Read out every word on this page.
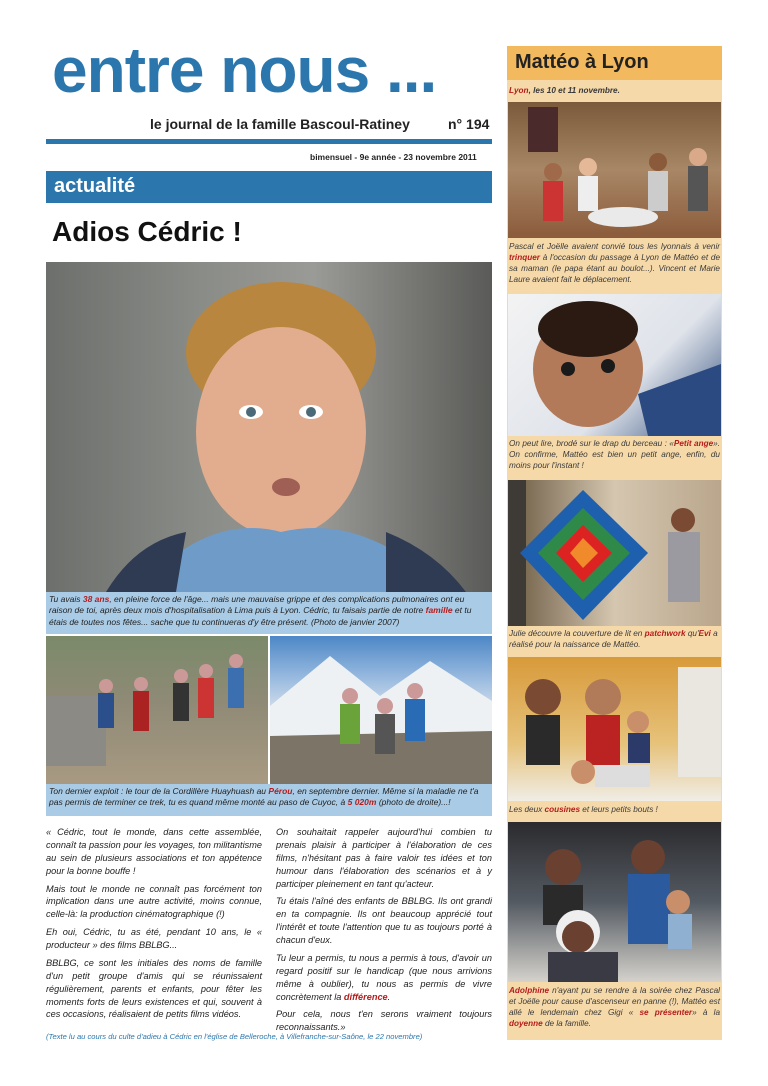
entre nous ...
le journal de la famille Bascoul-Ratiney	n° 194
bimensuel - 9e année - 23 novembre 2011
actualité
Adios Cédric !
Tu avais 38 ans, en pleine force de l'âge... mais une mauvaise grippe et des complications pulmonaires ont eu raison de toi, après deux mois d'hospitalisation à Lima puis à Lyon. Cédric, tu faisais partie de notre famille et tu étais de toutes nos fêtes... sache que tu continueras d'y être présent. (Photo de janvier 2007)
Ton dernier exploit : le tour de la Cordillère Huayhuash au Pérou, en septembre dernier. Même si la maladie ne t'a pas permis de terminer ce trek, tu es quand même monté au paso de Cuyoc, à 5 020m (photo de droite)...!

« Cédric, tout le monde, dans cette assemblée, connaît ta passion pour les voyages, ton militantisme au sein de plusieurs associations et ton appétence pour la bonne bouffe !

Mais tout le monde ne connaît pas forcément ton implication dans une autre activité, moins connue, celle-là: la production cinématographique (!)

Eh oui, Cédric, tu as été, pendant 10 ans, le « producteur » des films BBLBG...

BBLBG, ce sont les initiales des noms de famille d'un petit groupe d'amis qui se réunissaient régulièrement, parents et enfants, pour fêter les moments forts de leurs existences et qui, souvent à ces occasions, réalisaient de petits films vidéos.

On souhaitait rappeler aujourd'hui combien tu prenais plaisir à participer à l'élaboration de ces films, n'hésitant pas à faire valoir tes idées et ton humour dans l'élaboration des scénarios et à y participer pleinement en tant qu'acteur.

Tu étais l'aîné des enfants de BBLBG. Ils ont grandi en ta compagnie. Ils ont beaucoup apprécié tout l'intérêt et toute l'attention que tu as toujours porté à chacun d'eux.

Tu leur a permis, tu nous a permis à tous, d'avoir un regard positif sur le handicap (que nous arrivions même à oublier), tu nous as permis de vivre concrètement la différence.

Pour cela, nous t'en serons vraiment toujours reconnaissants.»

(Texte lu au cours du culte d'adieu à Cédric en l'église de Belleroche, à Villefranche-sur-Saône, le 22 novembre)
Mattéo à Lyon
Lyon, les 10 et 11 novembre.
Pascal et Joëlle avaient convié tous les lyonnais à venir trinquer à l'occasion du passage à Lyon de Mattéo et de sa maman (le papa étant au boulot...). Vincent et Marie Laure avaient fait le déplacement.
On peut lire, brodé sur le drap du berceau : «Petit ange». On confirme, Mattéo est bien un petit ange, enfin, du moins pour l'instant !
Julie découvre la couverture de lit en patchwork qu'Evi a réalisé pour la naissance de Mattéo.
Les deux cousines et leurs petits bouts !
Adolphine n'ayant pu se rendre à la soirée chez Pascal et Joëlle pour cause d'ascenseur en panne (!), Mattéo est allé le lendemain chez Gigi « se présenter» à la doyenne de la famille.
